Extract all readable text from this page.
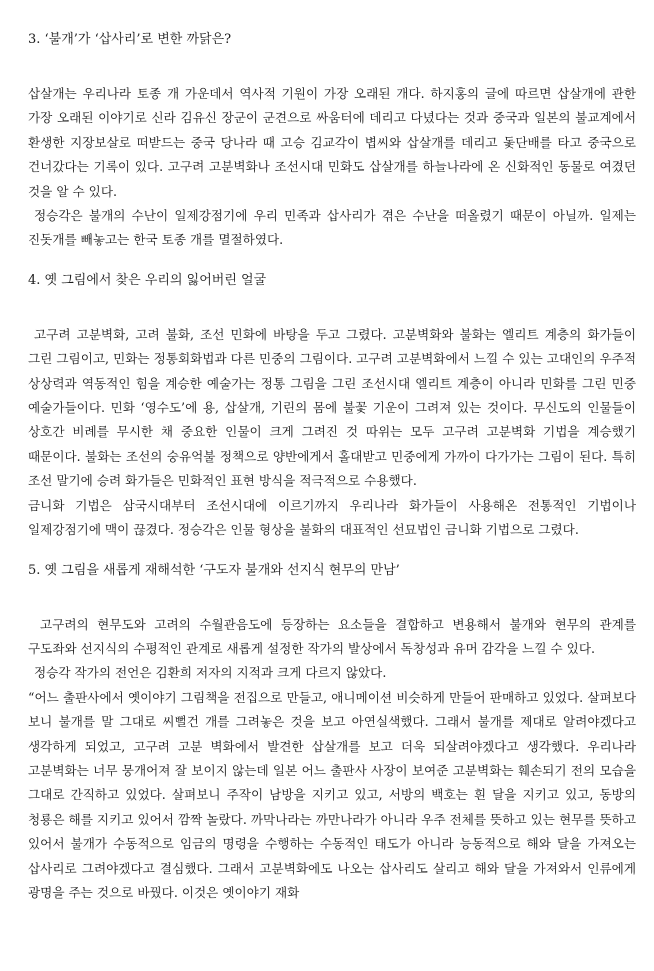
3. ‘불개’가 ‘삽사리’로 변한 까닭은?

삽살개는 우리나라 토종 개 가운데서 역사적 기원이 가장 오래된 개다. 하지홍의 글에 따르면 삽살개에 관한 가장 오래된 이야기로 신라 김유신 장군이 군견으로 싸움터에 데리고 다녔다는 것과 중국과 일본의 불교계에서 환생한 지장보살로 떠받드는 중국 당나라 때 고승 김교각이 볍씨와 삽살개를 데리고 돛단배를 타고 중국으로 건너갔다는 기록이 있다. 고구려 고분벽화나 조선시대 민화도 삽살개를 하늘나라에 온 신화적인 동물로 여겼던 것을 알 수 있다.

정승각은 불개의 수난이 일제강점기에 우리 민족과 삽사리가 겪은 수난을 떠올렸기 때문이 아닐까. 일제는 진돗개를 빼놓고는 한국 토종 개를 멸절하였다.

4. 옛 그림에서 찾은 우리의 잃어버린 얼굴

고구려 고분벽화, 고려 불화, 조선 민화에 바탕을 두고 그렸다. 고분벽화와 불화는 엘리트 계층의 화가들이 그린 그림이고, 민화는 정통회화법과 다른 민중의 그림이다. 고구려 고분벽화에서 느낄 수 있는 고대인의 우주적 상상력과 역동적인 힘을 계승한 예술가는 정통 그림을 그린 조선시대 엘리트 계층이 아니라 민화를 그린 민중 예술가들이다. 민화 ‘영수도’에 용, 삽살개, 기린의 몸에 불꽃 기운이 그려져 있는 것이다. 무신도의 인물들이 상호간 비례를 무시한 채 중요한 인물이 크게 그려진 것 따위는 모두 고구려 고분벽화 기법을 계승했기 때문이다. 불화는 조선의 숭유억불 정책으로 양반에게서 홀대받고 민중에게 가까이 다가가는 그림이 된다. 특히 조선 말기에 승려 화가들은 민화적인 표현 방식을 적극적으로 수용했다.

금니화 기법은 삼국시대부터 조선시대에 이르기까지 우리나라 화가들이 사용해온 전통적인 기법이나 일제강점기에 맥이 끊겼다. 정승각은 인물 형상을 불화의 대표적인 선묘법인 금니화 기법으로 그렸다.

5. 옛 그림을 새롭게 재해석한 ‘구도자 불개와 선지식 현무의 만남’

고구려의 현무도와 고려의 수월관음도에 등장하는 요소들을 결합하고 변용해서 불개와 현무의 관계를 구도좌와 선지식의 수평적인 관계로 새롭게 설정한 작가의 발상에서 독창성과 유머 감각을 느낄 수 있다.

정승각 작가의 전언은 김환희 저자의 지적과 크게 다르지 않았다.

“어느 출판사에서 옛이야기 그림책을 전집으로 만들고, 애니메이션 비슷하게 만들어 판매하고 있었다. 살펴보다 보니 불개를 말 그대로 씨뻘건 개를 그려놓은 것을 보고 아연실색했다. 그래서 불개를 제대로 알려야겠다고 생각하게 되었고, 고구려 고분 벽화에서 발견한 삽살개를 보고 더욱 되살려야겠다고 생각했다. 우리나라 고분벽화는 너무 뭉개어져 잘 보이지 않는데 일본 어느 출판사 사장이 보여준 고분벽화는 훼손되기 전의 모습을 그대로 간직하고 있었다. 살펴보니 주작이 남방을 지키고 있고, 서방의 백호는 흰 달을 지키고 있고, 동방의 청룡은 해를 지키고 있어서 깜짝 놀랐다. 까막나라는 까만나라가 아니라 우주 전체를 뜻하고 있는 현무를 뜻하고 있어서 불개가 수동적으로 임금의 명령을 수행하는 수동적인 태도가 아니라 능동적으로 해와 달을 가져오는 삽사리로 그려야겠다고 결심했다. 그래서 고분벽화에도 나오는 삽사리도 살리고 해와 달을 가져와서 인류에게 광명을 주는 것으로 바꿨다. 이것은 옛이야기 재화
